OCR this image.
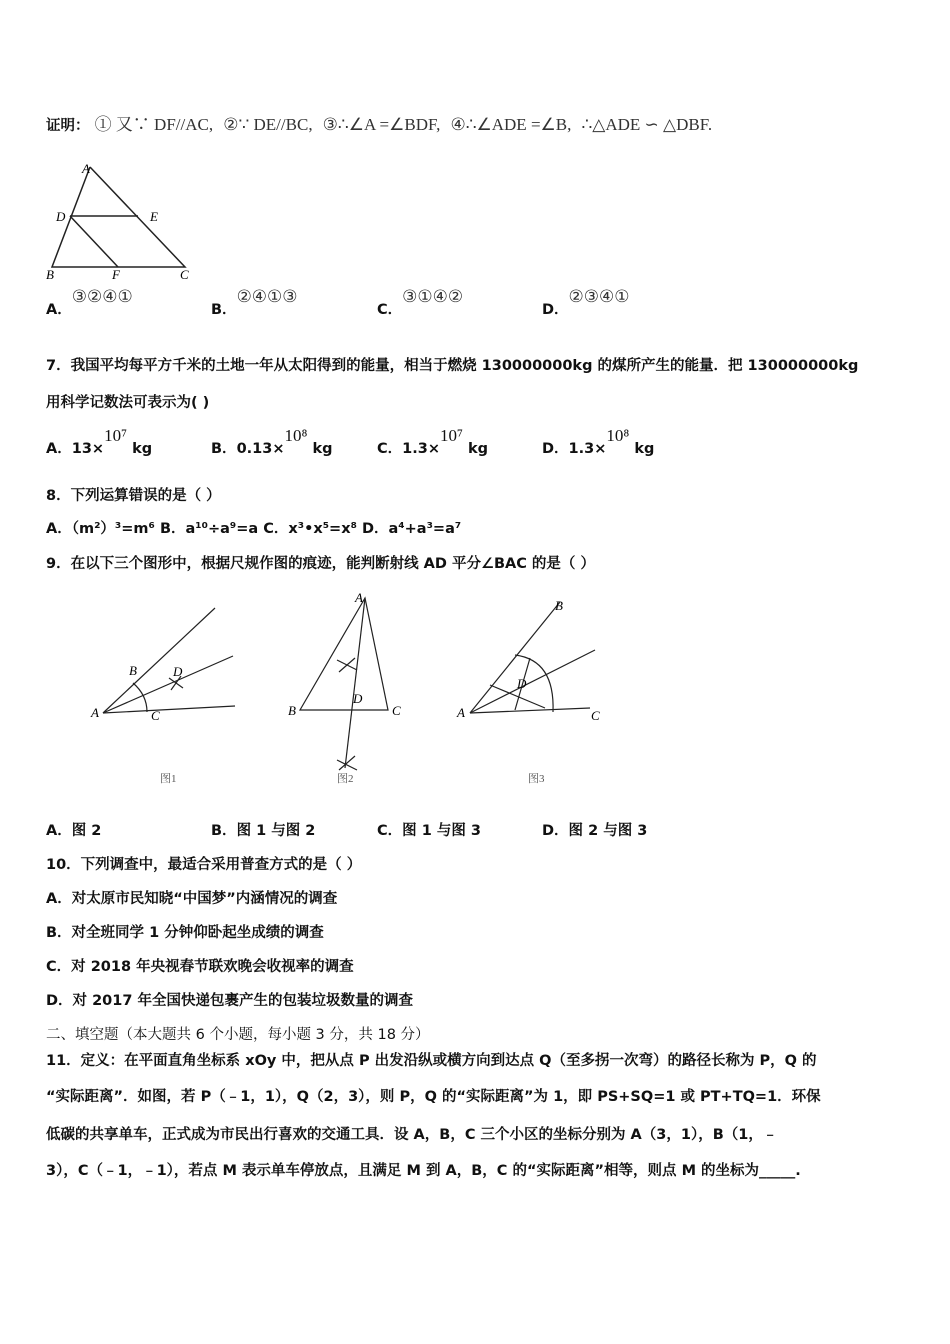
证明： ① 又∵ DF//AC, ②∵ DE//BC, ③∴∠A =∠BDF, ④∴∠ADE =∠B, ∴△ADE ∽ △DBF.
A
D	E
B	F	C
A．③②④①
B．②④①③
C．③①④②
D．②③④①
7．我国平均每平方千米的土地一年从太阳得到的能量，相当于燃烧 130000000kg 的煤所产生的能量．把 130000000kg
用科学记数法可表示为( )
A．13×10⁷ kg	B．0.13×10⁸ kg	C．1.3×10⁷ kg	D．1.3×10⁸ kg
8．下列运算错误的是（ ）
A．（m²）³=m⁶ B．a¹⁰÷a⁹=a C．x³•x⁵=x⁸ D．a⁴+a³=a⁷
9．在以下三个图形中，根据尺规作图的痕迹，能判断射线 AD 平分∠BAC 的是（ ）
A
B
C
D
A
B	C
D
A
B
C
D
图1	图2	图3
A．图 2	B．图 1 与图 2	C．图 1 与图 3	D．图 2 与图 3
10．下列调查中，最适合采用普查方式的是（ ）
A．对太原市民知晓“中国梦”内涵情况的调查
B．对全班同学 1 分钟仰卧起坐成绩的调查
C．对 2018 年央视春节联欢晚会收视率的调查
D．对 2017 年全国快递包裹产生的包装垃圾数量的调查
二、填空题（本大题共 6 个小题，每小题 3 分，共 18 分）
11．定义：在平面直角坐标系 xOy 中，把从点 P 出发沿纵或横方向到达点 Q（至多拐一次弯）的路径长称为 P，Q 的
“实际距离”．如图，若 P（﹣1，1），Q（2，3），则 P，Q 的“实际距离”为 1，即 PS+SQ=1 或 PT+TQ=1．环保
低碳的共享单车，正式成为市民出行喜欢的交通工具．设 A，B，C 三个小区的坐标分别为 A（3，1），B（1，﹣
3），C（﹣1，﹣1），若点 M 表示单车停放点，且满足 M 到 A，B，C 的“实际距离”相等，则点 M 的坐标为_____.
